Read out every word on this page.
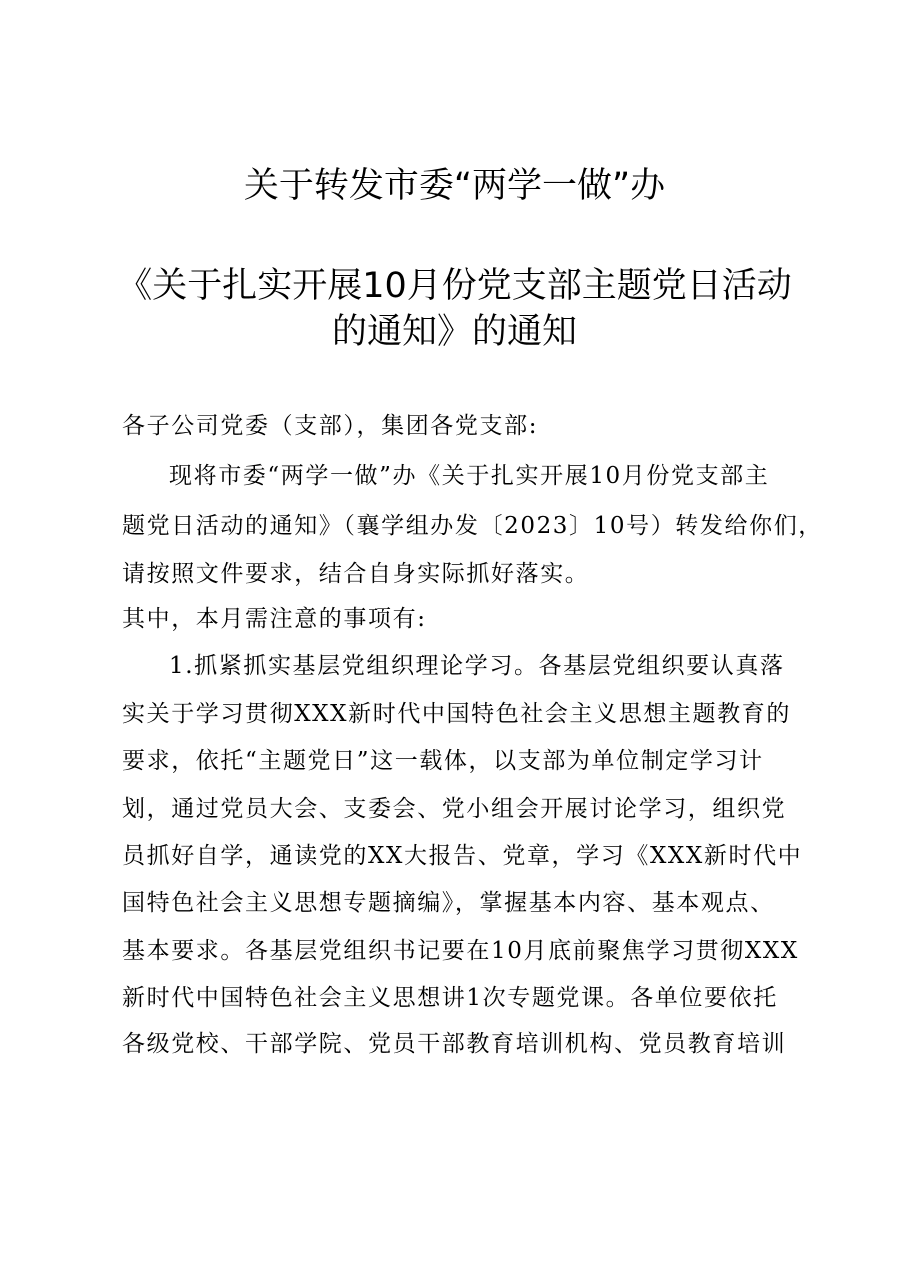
关于转发市委“两学一做”办
《关于扎实开展10月份党支部主题党日活动
的通知》的通知
各子公司党委（支部），集团各党支部:
现将市委“两学一做”办《关于扎实开展10月份党支部主
题党日活动的通知》（襄学组办发〔2023〕10号）转发给你们，
请按照文件要求，结合自身实际抓好落实。
其中，本月需注意的事项有:
1.抓紧抓实基层党组织理论学习。各基层党组织要认真落
实关于学习贯彻XXX新时代中国特色社会主义思想主题教育的
要求，依托“主题党日”这一载体，以支部为单位制定学习计
划，通过党员大会、支委会、党小组会开展讨论学习，组织党
员抓好自学，通读党的XX大报告、党章，学习《XXX新时代中
国特色社会主义思想专题摘编》，掌握基本内容、基本观点、
基本要求。各基层党组织书记要在10月底前聚焦学习贯彻XXX
新时代中国特色社会主义思想讲1次专题党课。各单位要依托
各级党校、干部学院、党员干部教育培训机构、党员教育培训
